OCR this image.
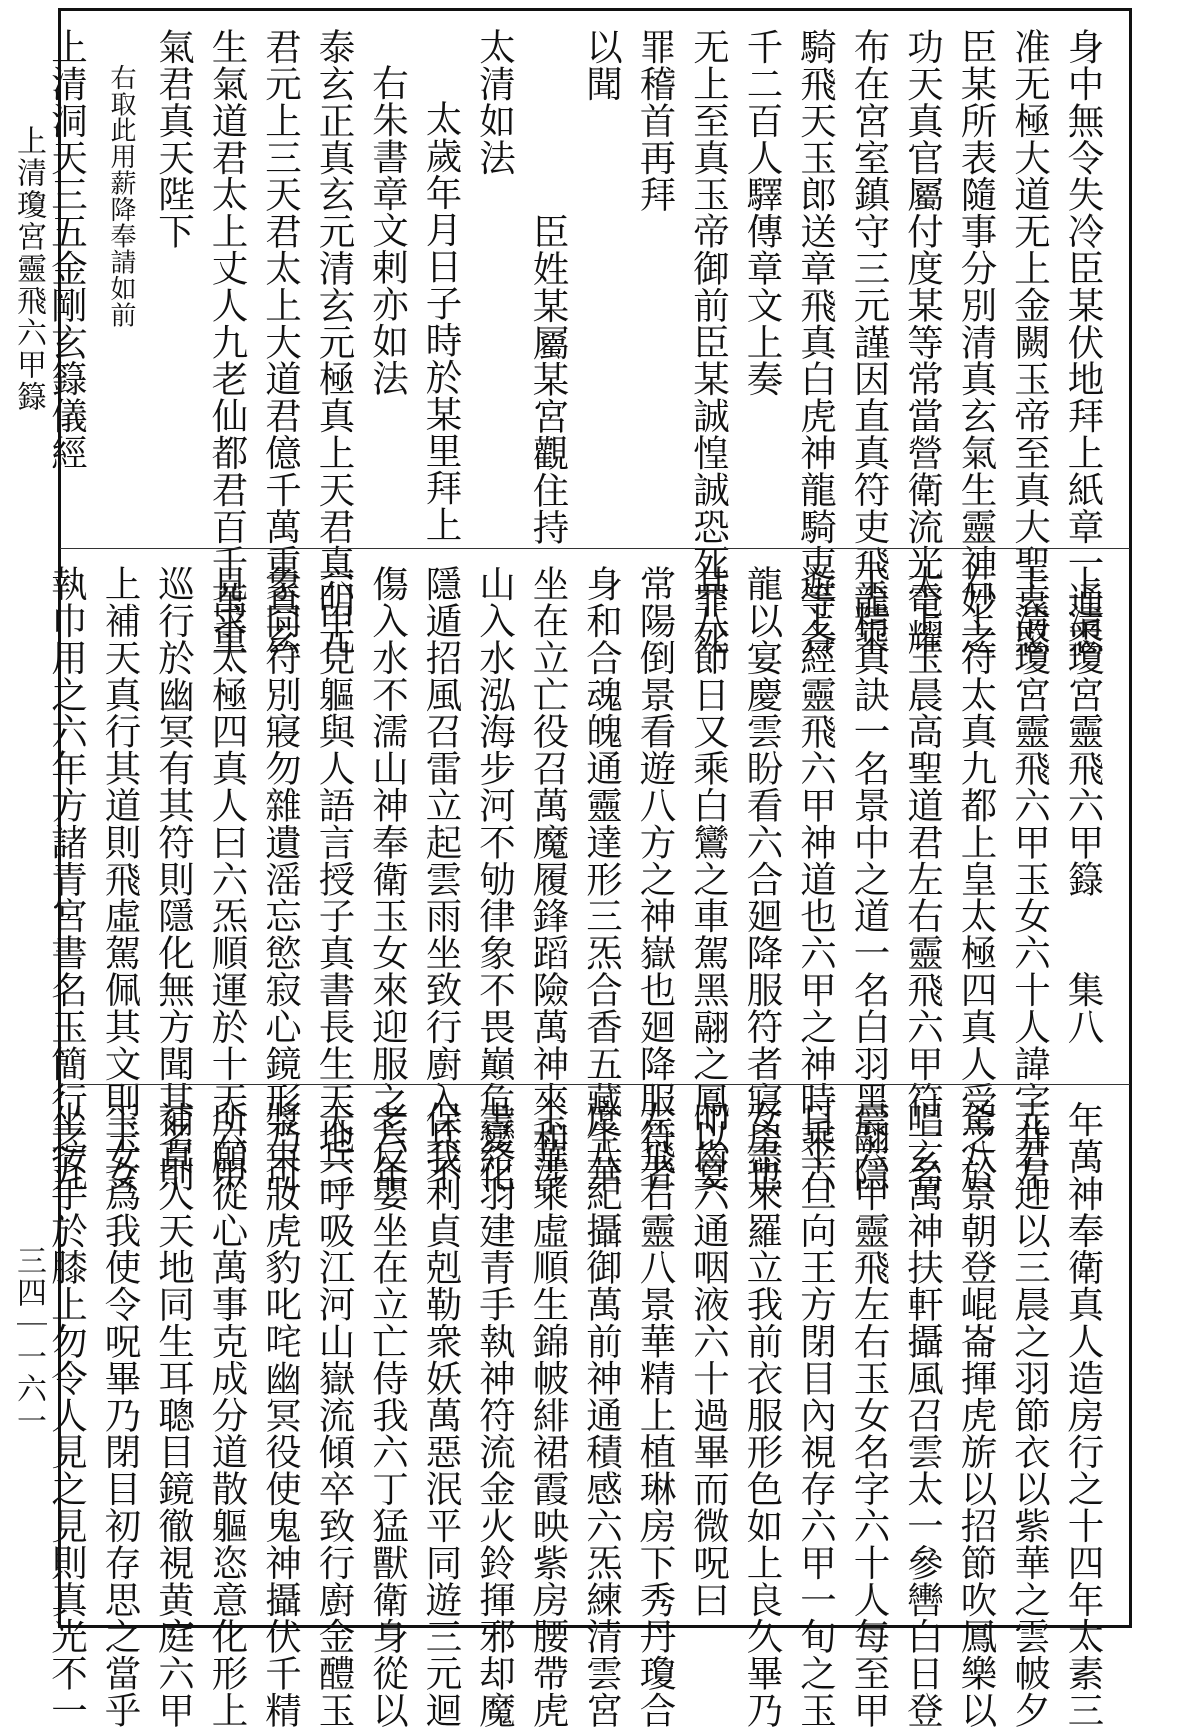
上清瓊宮靈飛六甲籙
三四｜一六一
身中無令失冷臣某伏地拜上紙章一通悉
准无極大道无上金闕玉帝至真大聖哀愍
臣某所表隨事分別清真玄氣生靈神妙之
功天真官屬付度某等常當營衛流光電耀
布在宮室鎮守三元謹因直真符吏飛龍乘
騎飛天玉郎送章飛真白虎神龍騎吏等各
千二百人驛傳章文上奏
无上至真玉帝御前臣某誠惶誠恐死罪死
罪稽首再拜
以聞
臣姓某屬某宮觀住持
太清如法
太歲年月日子時於某里拜上
右朱書章文剌亦如法
泰玄正真玄元清玄元極真上天君真明元
君元上三天君太上大道君億千萬重真玄
生氣道君太上丈人九老仙都君百千萬重
氣君真天陛下
右取此用薪降奉請如前
上清洞天三五金剛玄籙儀經
上清瓊宮靈飛六甲籙　　集八
上清瓊宮靈飛六甲玉女六十人諱字并左
右上符太真九都上皇太極四真人受之於
太上玉晨高聖道君左右靈飛六甲符一名
玉精真訣一名景中之道一名白羽黑翮隱
遊上經靈飛六甲神道也六甲之神時乘六
龍以宴慶雲盼看六合廻降服符者寢房也
其八節日又乘白鸞之車駕黑翮之鳳以宴
常陽倒景看遊八方之神嶽也廻降服符者
身和合魂魄通靈達形三炁合香五藏生華
坐在立亡役召萬魔履鋒蹈險萬神來和涉
山入水泓海步河不劬律象不畏巔危變化
隱遁招風召雷立起雲雨坐致行廚入兵不
傷入水不濡山神奉衛玉女來迎服之六年
六甲見軀與人語言授子真書長生天地二
象同符別寢勿雜遺滛忘慾寂心鏡形乃可
見求太極四真人曰六炁順運於十天六甲
巡行於幽冥有其符則隱化無方聞其名則
上補天真行其道則飛虛駕佩其文則玉女
執巾用之六年方諸青宮書名玉簡行之九
年萬神奉衛真人造房行之十四年太素三
元君迎以三晨之羽節衣以紫華之雲帔夕
駕八景朝登崐崙揮虎旂以招節吹鳳樂以
唱玄萬神扶軒攝風召雲太一參轡白日登
晨六甲靈飛左右玉女名字六十人每至甲
日平旦向王方閉目內視存六甲一旬之玉
女盡來羅立我前衣服形色如上良久畢乃
叩齒六通咽液六十過畢而微呪曰
左飛右靈八景華精上植琳房下秀丹瓊合
度八紀攝御萬前神通積感六炁練清雲宮
玉華乘虛順生錦帔緋裙霞映紫房腰帶虎
書絡羽建青手執神符流金火鈴揮邪却魔
保我利貞剋勒衆妖萬惡泯平同遊三元迴
老反嬰坐在立亡侍我六丁猛獸衛身從以
天兵呼吸江河山嶽流傾卒致行廚金醴玉
漿束妝虎豹叱咤幽冥役使鬼神攝伏千精
所願從心萬事克成分道散軀恣意化形上
補真人天地同生耳聰目鏡徹視黄庭六甲
玉女爲我使令呪畢乃閉目初存思之當乎
坐按手於膝上勿令人見之見則真光不一
